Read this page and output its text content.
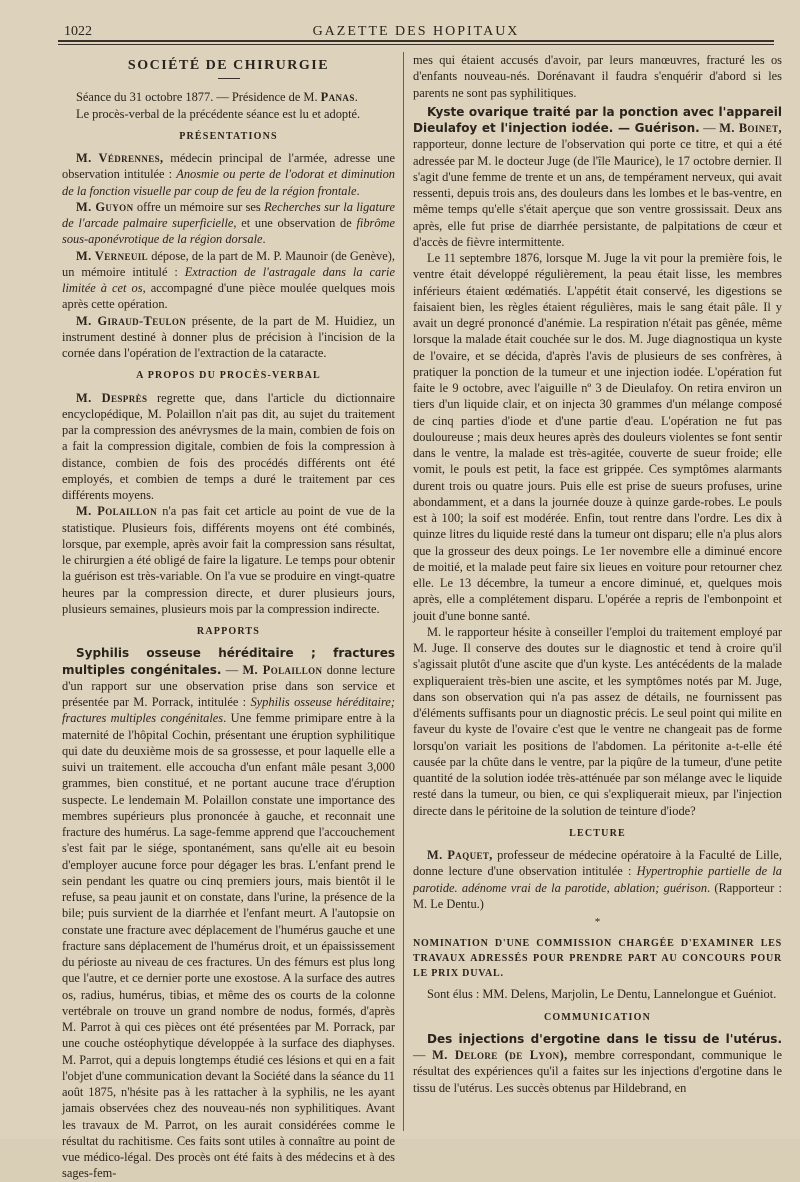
1022	GAZETTE DES HOPITAUX

SOCIÉTÉ DE CHIRURGIE

Séance du 31 octobre 1877. — Présidence de M. Panas.

Le procès-verbal de la précédente séance est lu et adopté.

PRÉSENTATIONS

M. Védrennes, médecin principal de l'armée, adresse une observation intitulée : Anosmie ou perte de l'odorat et diminution de la fonction visuelle par coup de feu de la région frontale.

M. Guyon offre un mémoire sur ses Recherches sur la ligature de l'arcade palmaire superficielle, et une observation de fibrôme sous-aponévrotique de la région dorsale.

M. Verneuil dépose, de la part de M. P. Maunoir (de Genève), un mémoire intitulé : Extraction de l'astragale dans la carie limitée à cet os, accompagné d'une pièce moulée quelques mois après cette opération.

M. Giraud-Teulon présente, de la part de M. Huidiez, un instrument destiné à donner plus de précision à l'incision de la cornée dans l'opération de l'extraction de la cataracte.

A PROPOS DU PROCÈS-VERBAL

M. Desprès regrette que, dans l'article du dictionnaire encyclopédique, M. Polaillon n'ait pas dit, au sujet du traitement par la compression des anévrysmes de la main, combien de fois on a fait la compression digitale, combien de fois la compression à distance, combien de fois des procédés différents ont été employés, et combien de temps a duré le traitement par ces différents moyens.

M. Polaillon n'a pas fait cet article au point de vue de la statistique. Plusieurs fois, différents moyens ont été combinés, lorsque, par exemple, après avoir fait la compression sans résultat, le chirurgien a été obligé de faire la ligature. Le temps pour obtenir la guérison est très-variable. On l'a vue se produire en vingt-quatre heures par la compression directe, et durer plusieurs jours, plusieurs semaines, plusieurs mois par la compression indirecte.

RAPPORTS

Syphilis osseuse héréditaire ; fractures multiples congénitales. — M. Polaillon donne lecture d'un rapport sur une observation prise dans son service et présentée par M. Porrack, intitulée : Syphilis osseuse héréditaire; fractures multiples congénitales. Une femme primipare entre à la maternité de l'hôpital Cochin, présentant une éruption syphilitique qui date du deuxième mois de sa grossesse, et pour laquelle elle a suivi un traitement. elle accoucha d'un enfant mâle pesant 3,000 grammes, bien constitué, et ne portant aucune trace d'éruption suspecte. Le lendemain M. Polaillon constate une importance des membres supérieurs plus prononcée à gauche, et reconnait une fracture des humérus. La sage-femme apprend que l'accouchement s'est fait par le siége, spontanément, sans qu'elle ait eu besoin d'employer aucune force pour dégager les bras. L'enfant prend le sein pendant les quatre ou cinq premiers jours, mais bientôt il le refuse, sa peau jaunit et on constate, dans l'urine, la présence de la bile; puis survient de la diarrhée et l'enfant meurt. A l'autopsie on constate une fracture avec déplacement de l'humérus gauche et une fracture sans déplacement de l'humérus droit, et un épaississement du périoste au niveau de ces fractures. Un des fémurs est plus long que l'autre, et ce dernier porte une exostose. A la surface des autres os, radius, humérus, tibias, et même des os courts de la colonne vertébrale on trouve un grand nombre de nodus, formés, d'après M. Parrot à qui ces pièces ont été présentées par M. Porrack, par une couche ostéophytique développée à la surface des diaphyses. M. Parrot, qui a depuis longtemps étudié ces lésions et qui en a fait l'objet d'une communication devant la Société dans la séance du 11 août 1875, n'hésite pas à les rattacher à la syphilis, ne les ayant jamais observées chez des nouveau-nés non syphilitiques. Avant les travaux de M. Parrot, on les aurait considérées comme le résultat du rachitisme. Ces faits sont utiles à connaître au point de vue médico-légal. Des procès ont été faits à des médecins et à des sages-fem-

mes qui étaient accusés d'avoir, par leurs manœuvres, fracturé les os d'enfants nouveau-nés. Dorénavant il faudra s'enquérir d'abord si les parents ne sont pas syphilitiques.

Kyste ovarique traité par la ponction avec l'appareil Dieulafoy et l'injection iodée. — Guérison. — M. Boinet, rapporteur, donne lecture de l'observation qui porte ce titre, et qui a été adressée par M. le docteur Juge (de l'île Maurice), le 17 octobre dernier. Il s'agit d'une femme de trente et un ans, de tempérament nerveux, qui avait ressenti, depuis trois ans, des douleurs dans les lombes et le bas-ventre, en même temps qu'elle s'était aperçue que son ventre grossissait. Deux ans après, elle fut prise de diarrhée persistante, de palpitations de cœur et d'accès de fièvre intermittente.

Le 11 septembre 1876, lorsque M. Juge la vit pour la première fois, le ventre était développé régulièrement, la peau était lisse, les membres inférieurs étaient œdématiés. L'appétit était conservé, les digestions se faisaient bien, les règles étaient régulières, mais le sang était pâle. Il y avait un degré prononcé d'anémie. La respiration n'était pas gênée, même lorsque la malade était couchée sur le dos. M. Juge diagnostiqua un kyste de l'ovaire, et se décida, d'après l'avis de plusieurs de ses confrères, à pratiquer la ponction de la tumeur et une injection iodée. L'opération fut faite le 9 octobre, avec l'aiguille nº 3 de Dieulafoy. On retira environ un tiers d'un liquide clair, et on injecta 30 grammes d'un mélange composé de cinq parties d'iode et d'une partie d'eau. L'opération ne fut pas douloureuse ; mais deux heures après des douleurs violentes se font sentir dans le ventre, la malade est très-agitée, couverte de sueur froide; elle vomit, le pouls est petit, la face est grippée. Ces symptômes alarmants durent trois ou quatre jours. Puis elle est prise de sueurs profuses, urine abondamment, et a dans la journée douze à quinze garde-robes. Le pouls est à 100; la soif est modérée. Enfin, tout rentre dans l'ordre. Les dix à quinze litres du liquide resté dans la tumeur ont disparu; elle n'a plus alors que la grosseur des deux poings. Le 1er novembre elle a diminué encore de moitié, et la malade peut faire six lieues en voiture pour retourner chez elle. Le 13 décembre, la tumeur a encore diminué, et, quelques mois après, elle a complétement disparu. L'opérée a repris de l'embonpoint et jouit d'une bonne santé.

M. le rapporteur hésite à conseiller l'emploi du traitement employé par M. Juge. Il conserve des doutes sur le diagnostic et tend à croire qu'il s'agissait plutôt d'une ascite que d'un kyste. Les antécédents de la malade expliqueraient très-bien une ascite, et les symptômes notés par M. Juge, dans son observation qui n'a pas assez de détails, ne fournissent pas d'éléments suffisants pour un diagnostic précis. Le seul point qui milite en faveur du kyste de l'ovaire c'est que le ventre ne changeait pas de forme lorsqu'on variait les positions de l'abdomen. La péritonite a-t-elle été causée par la chûte dans le ventre, par la piqûre de la tumeur, d'une petite quantité de la solution iodée très-atténuée par son mélange avec le liquide resté dans la tumeur, ou bien, ce qui s'expliquerait mieux, par l'injection directe dans le péritoine de la solution de teinture d'iode?

LECTURE

M. Paquet, professeur de médecine opératoire à la Faculté de Lille, donne lecture d'une observation intitulée : Hypertrophie partielle de la parotide. adénome vrai de la parotide, ablation; guérison. (Rapporteur : M. Le Dentu.)

*

NOMINATION D'UNE COMMISSION CHARGÉE D'EXAMINER LES TRAVAUX ADRESSÉS POUR PRENDRE PART AU CONCOURS POUR LE PRIX DUVAL.

Sont élus : MM. Delens, Marjolin, Le Dentu, Lannelongue et Guéniot.

COMMUNICATION

Des injections d'ergotine dans le tissu de l'utérus. — M. Delore (de Lyon), membre correspondant, communique le résultat des expériences qu'il a faites sur les injections d'ergotine dans le tissu de l'utérus. Les succès obtenus par Hildebrand, en
